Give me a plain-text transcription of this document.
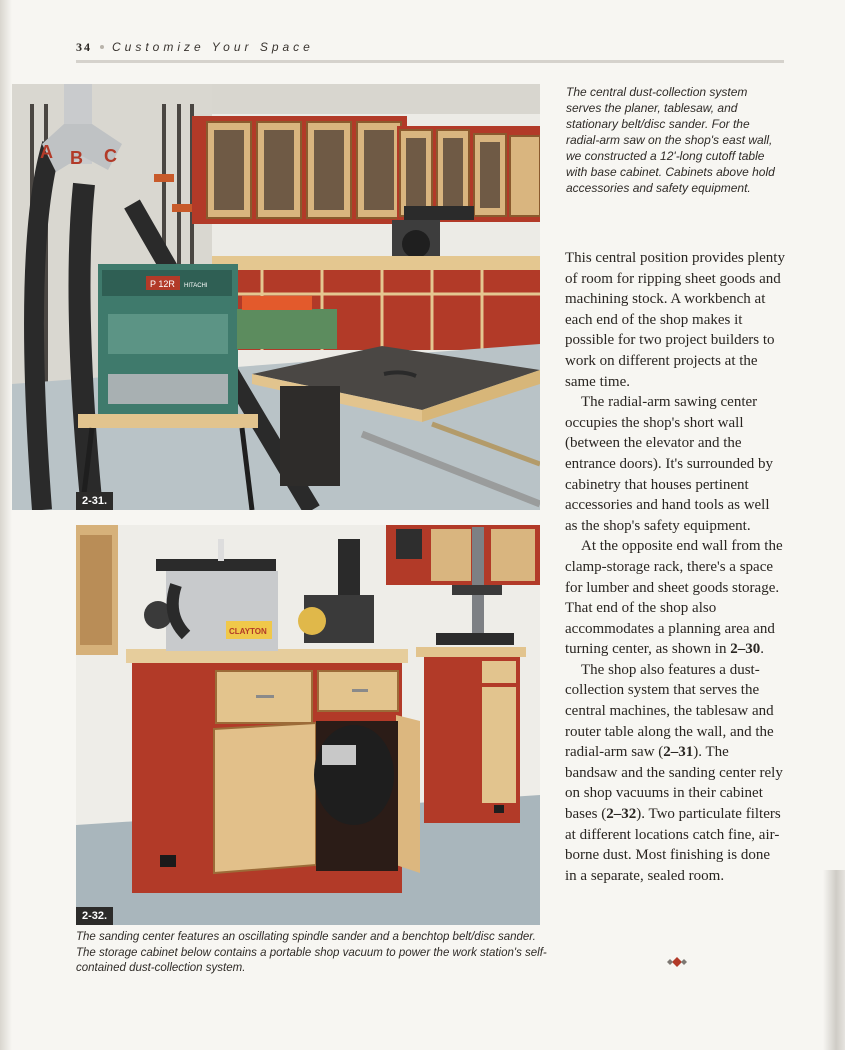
34 Customize Your Space
A B C
P 12R HITACHI
2-31.
The central dust-collection system serves the planer, tablesaw, and stationary belt/disc sander. For the radial-arm saw on the shop's east wall, we constructed a 12'-long cutoff table with base cabinet. Cabinets above hold accessories and safety equipment.
CLAYTON
2-32.
The sanding center features an oscillating spindle sander and a benchtop belt/disc sander. The storage cabinet below contains a portable shop vacuum to power the work station's self-contained dust-collection system.

This central position provides plenty of room for ripping sheet goods and machining stock. A workbench at each end of the shop makes it possible for two project builders to work on different projects at the same time.

The radial-arm sawing center occupies the shop's short wall (between the elevator and the entrance doors). It's surrounded by cabinetry that houses pertinent accessories and hand tools as well as the shop's safety equipment.

At the opposite end wall from the clamp-storage rack, there's a space for lumber and sheet goods storage. That end of the shop also accommodates a planning area and turning center, as shown in 2–30.

The shop also features a dust-collection system that serves the central machines, the tablesaw and router table along the wall, and the radial-arm saw (2–31). The bandsaw and the sanding center rely on shop vacuums in their cabinet bases (2–32). Two particulate filters at different locations catch fine, air-borne dust. Most finishing is done in a separate, sealed room.
